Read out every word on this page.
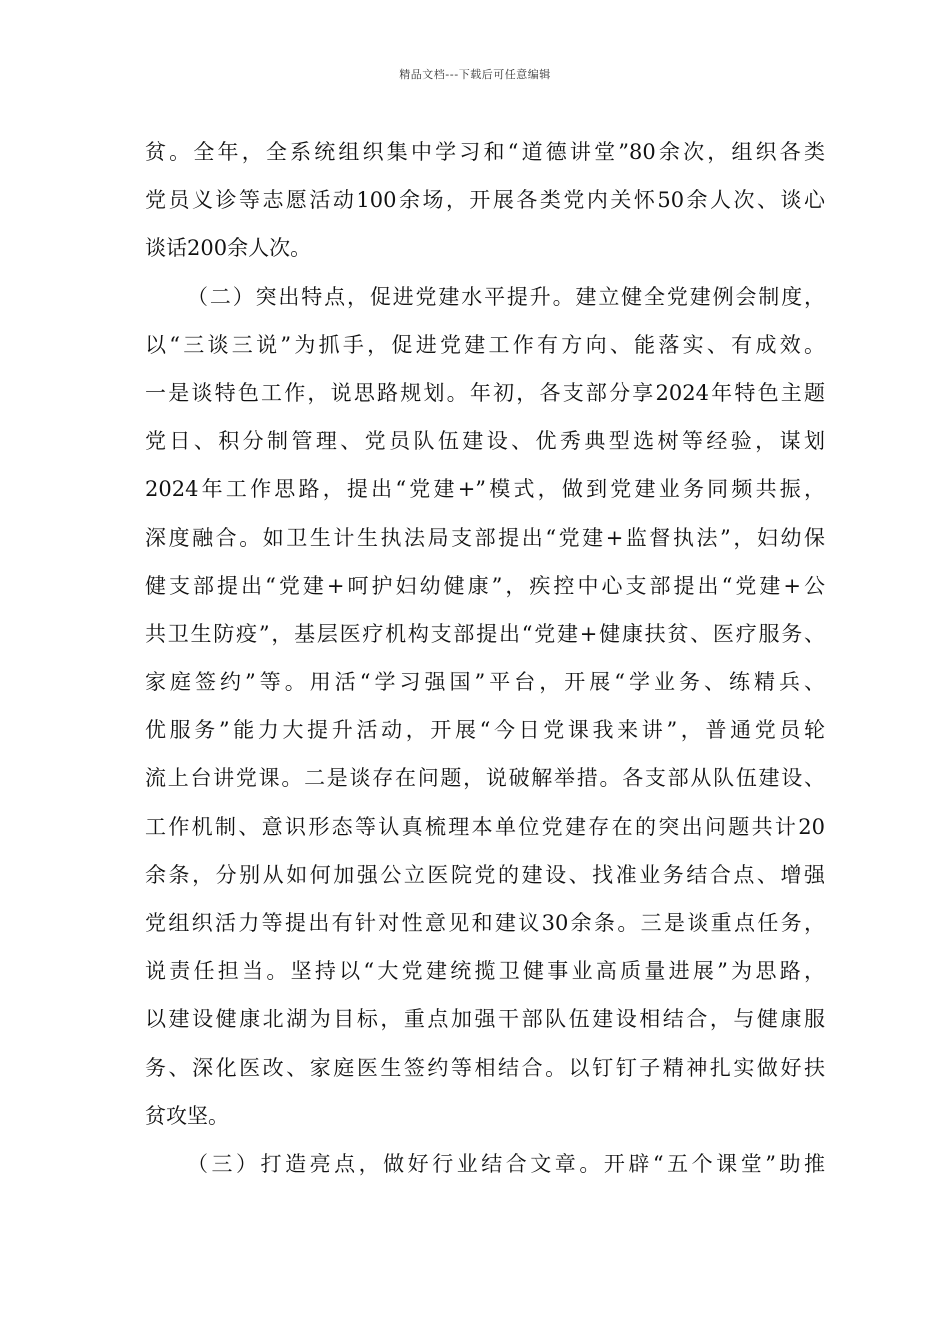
精品文档---下载后可任意编辑
贫。全年，全系统组织集中学习和“道德讲堂”80余次，组织各类
党员义诊等志愿活动100余场，开展各类党内关怀50余人次、谈心
谈话200余人次。
（二）突出特点，促进党建水平提升。建立健全党建例会制度，
以“三谈三说”为抓手，促进党建工作有方向、能落实、有成效。
一是谈特色工作，说思路规划。年初，各支部分享2024年特色主题
党日、积分制管理、党员队伍建设、优秀典型选树等经验，谋划
2024年工作思路，提出“党建+”模式，做到党建业务同频共振，
深度融合。如卫生计生执法局支部提出“党建+监督执法”，妇幼保
健支部提出“党建+呵护妇幼健康”，疾控中心支部提出“党建+公
共卫生防疫”，基层医疗机构支部提出“党建+健康扶贫、医疗服务、
家庭签约”等。用活“学习强国”平台，开展“学业务、练精兵、
优服务”能力大提升活动，开展“今日党课我来讲”，普通党员轮
流上台讲党课。二是谈存在问题，说破解举措。各支部从队伍建设、
工作机制、意识形态等认真梳理本单位党建存在的突出问题共计20
余条，分别从如何加强公立医院党的建设、找准业务结合点、增强
党组织活力等提出有针对性意见和建议30余条。三是谈重点任务，
说责任担当。坚持以“大党建统揽卫健事业高质量进展”为思路，
以建设健康北湖为目标，重点加强干部队伍建设相结合，与健康服
务、深化医改、家庭医生签约等相结合。以钉钉子精神扎实做好扶
贫攻坚。
（三）打造亮点，做好行业结合文章。开辟“五个课堂”助推
